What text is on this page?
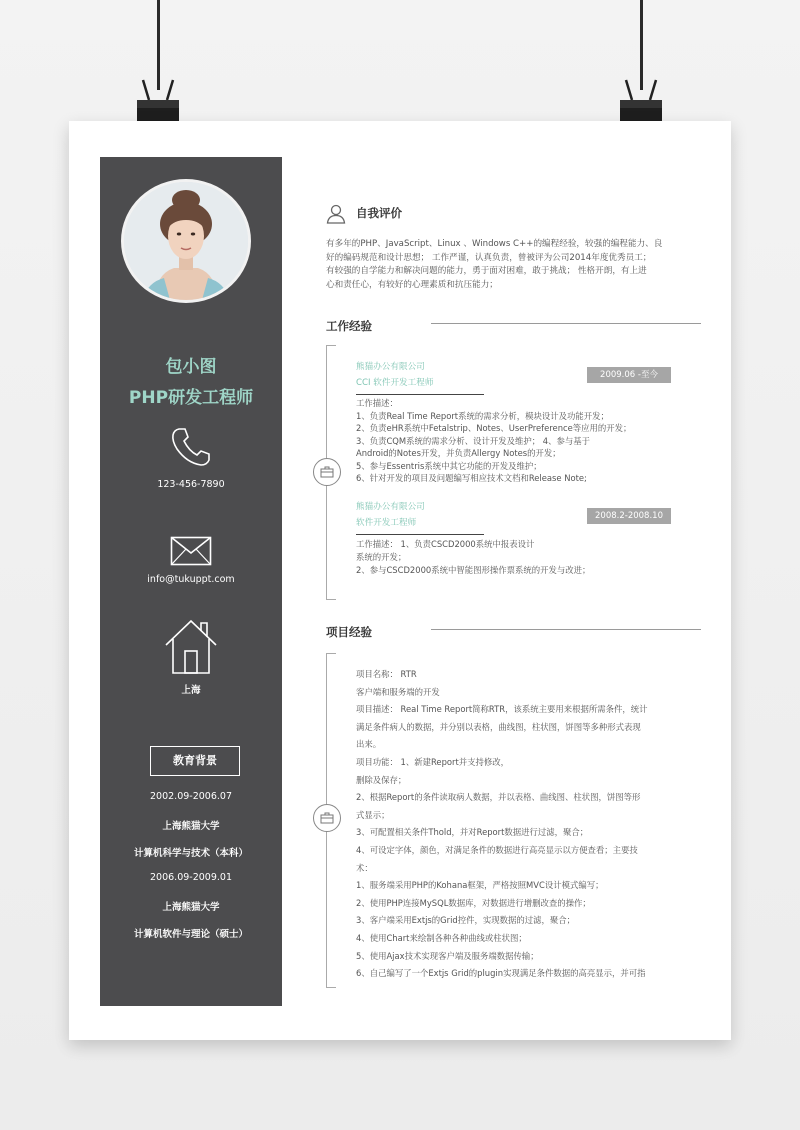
包小图
PHP研发工程师
123-456-7890
info@tukuppt.com
上海
教育背景
2002.09-2006.07
上海熊猫大学
计算机科学与技术（本科）
2006.09-2009.01
上海熊猫大学
计算机软件与理论（硕士）
自我评价
有多年的PHP、JavaScript、Linux 、Windows C++的编程经验，较强的编程能力、良
好的编码规范和设计思想； 工作严谨，认真负责，曾被评为公司2014年度优秀员工；
有较强的自学能力和解决问题的能力，勇于面对困难，敢于挑战； 性格开朗，有上进
心和责任心，有较好的心理素质和抗压能力；
工作经验
熊猫办公有限公司
CCI 软件开发工程师
2009.06 -至今
工作描述：
1、负责Real Time Report系统的需求分析，模块设计及功能开发；
2、负责eHR系统中Fetalstrip、Notes、UserPreference等应用的开发；
3、负责CQM系统的需求分析、设计开发及维护； 4、参与基于
Android的Notes开发，并负责Allergy Notes的开发；
5、参与Essentris系统中其它功能的开发及维护；
6、针对开发的项目及问题编写相应技术文档和Release Note;
熊猫办公有限公司
软件开发工程师
2008.2-2008.10
工作描述： 1、负责CSCD2000系统中报表设计
系统的开发；
2、参与CSCD2000系统中智能图形操作票系统的开发与改进；
项目经验
项目名称： RTR
客户端和服务端的开发
项目描述： Real Time Report简称RTR，该系统主要用来根据所需条件，统计
满足条件病人的数据，并分别以表格，曲线图，柱状图，饼图等多种形式表现
出来。
项目功能： 1、新建Report并支持修改，
删除及保存；
2、根据Report的条件读取病人数据，并以表格、曲线图、柱状图，饼图等形
式显示；
3、可配置相关条件Thold，并对Report数据进行过滤，聚合；
4、可设定字体，颜色，对满足条件的数据进行高亮显示以方便查看；主要技
术：
1、服务端采用PHP的Kohana框架，严格按照MVC设计模式编写；
2、使用PHP连接MySQL数据库，对数据进行增删改查的操作；
3、客户端采用Extjs的Grid控件，实现数据的过滤，聚合；
4、使用Chart来绘制各种各种曲线或柱状图；
5、使用Ajax技术实现客户端及服务端数据传输；
6、自己编写了一个Extjs Grid的plugin实现满足条件数据的高亮显示，并可指
